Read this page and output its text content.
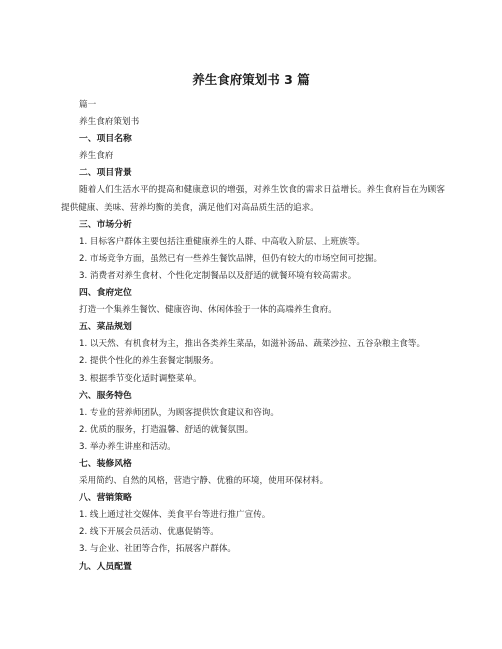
养生食府策划书 3 篇

篇一

养生食府策划书

一、项目名称

养生食府

二、项目背景

随着人们生活水平的提高和健康意识的增强，对养生饮食的需求日益增长。养生食府旨在为顾客提供健康、美味、营养均衡的美食，满足他们对高品质生活的追求。

三、市场分析

1. 目标客户群体主要包括注重健康养生的人群、中高收入阶层、上班族等。

2. 市场竞争方面，虽然已有一些养生餐饮品牌，但仍有较大的市场空间可挖掘。

3. 消费者对养生食材、个性化定制餐品以及舒适的就餐环境有较高需求。

四、食府定位

打造一个集养生餐饮、健康咨询、休闲体验于一体的高端养生食府。

五、菜品规划

1. 以天然、有机食材为主，推出各类养生菜品，如滋补汤品、蔬菜沙拉、五谷杂粮主食等。

2. 提供个性化的养生套餐定制服务。

3. 根据季节变化适时调整菜单。

六、服务特色

1. 专业的营养师团队，为顾客提供饮食建议和咨询。

2. 优质的服务，打造温馨、舒适的就餐氛围。

3. 举办养生讲座和活动。

七、装修风格

采用简约、自然的风格，营造宁静、优雅的环境，使用环保材料。

八、营销策略

1. 线上通过社交媒体、美食平台等进行推广宣传。

2. 线下开展会员活动、优惠促销等。

3. 与企业、社团等合作，拓展客户群体。

九、人员配置
